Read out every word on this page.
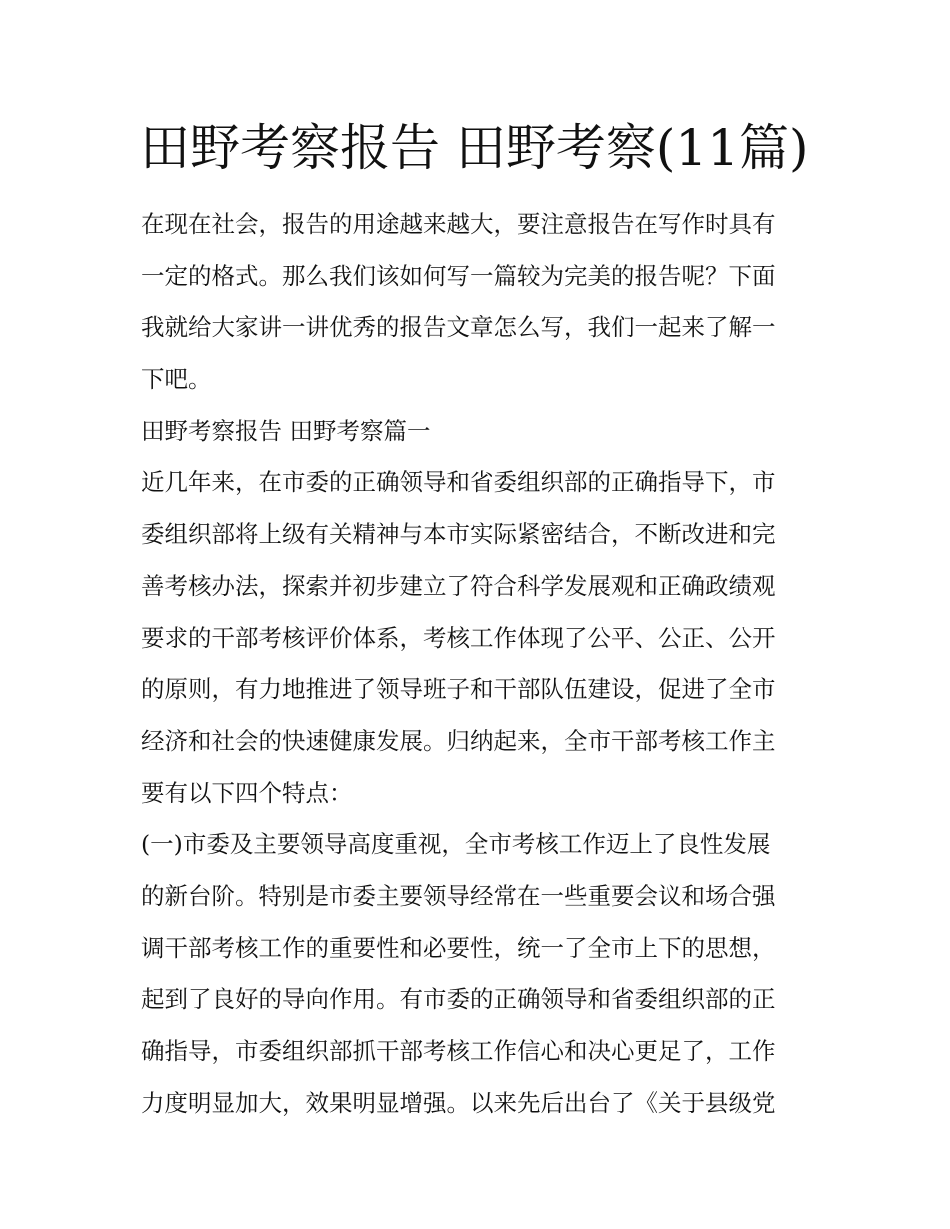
田野考察报告 田野考察(11篇)
在现在社会，报告的用途越来越大，要注意报告在写作时具有
一定的格式。那么我们该如何写一篇较为完美的报告呢？下面
我就给大家讲一讲优秀的报告文章怎么写，我们一起来了解一
下吧。
田野考察报告 田野考察篇一
近几年来，在市委的正确领导和省委组织部的正确指导下，市
委组织部将上级有关精神与本市实际紧密结合，不断改进和完
善考核办法，探索并初步建立了符合科学发展观和正确政绩观
要求的干部考核评价体系，考核工作体现了公平、公正、公开
的原则，有力地推进了领导班子和干部队伍建设，促进了全市
经济和社会的快速健康发展。归纳起来，全市干部考核工作主
要有以下四个特点：
(一)市委及主要领导高度重视，全市考核工作迈上了良性发展
的新台阶。特别是市委主要领导经常在一些重要会议和场合强
调干部考核工作的重要性和必要性，统一了全市上下的思想，
起到了良好的导向作用。有市委的正确领导和省委组织部的正
确指导，市委组织部抓干部考核工作信心和决心更足了，工作
力度明显加大，效果明显增强。以来先后出台了《关于县级党
